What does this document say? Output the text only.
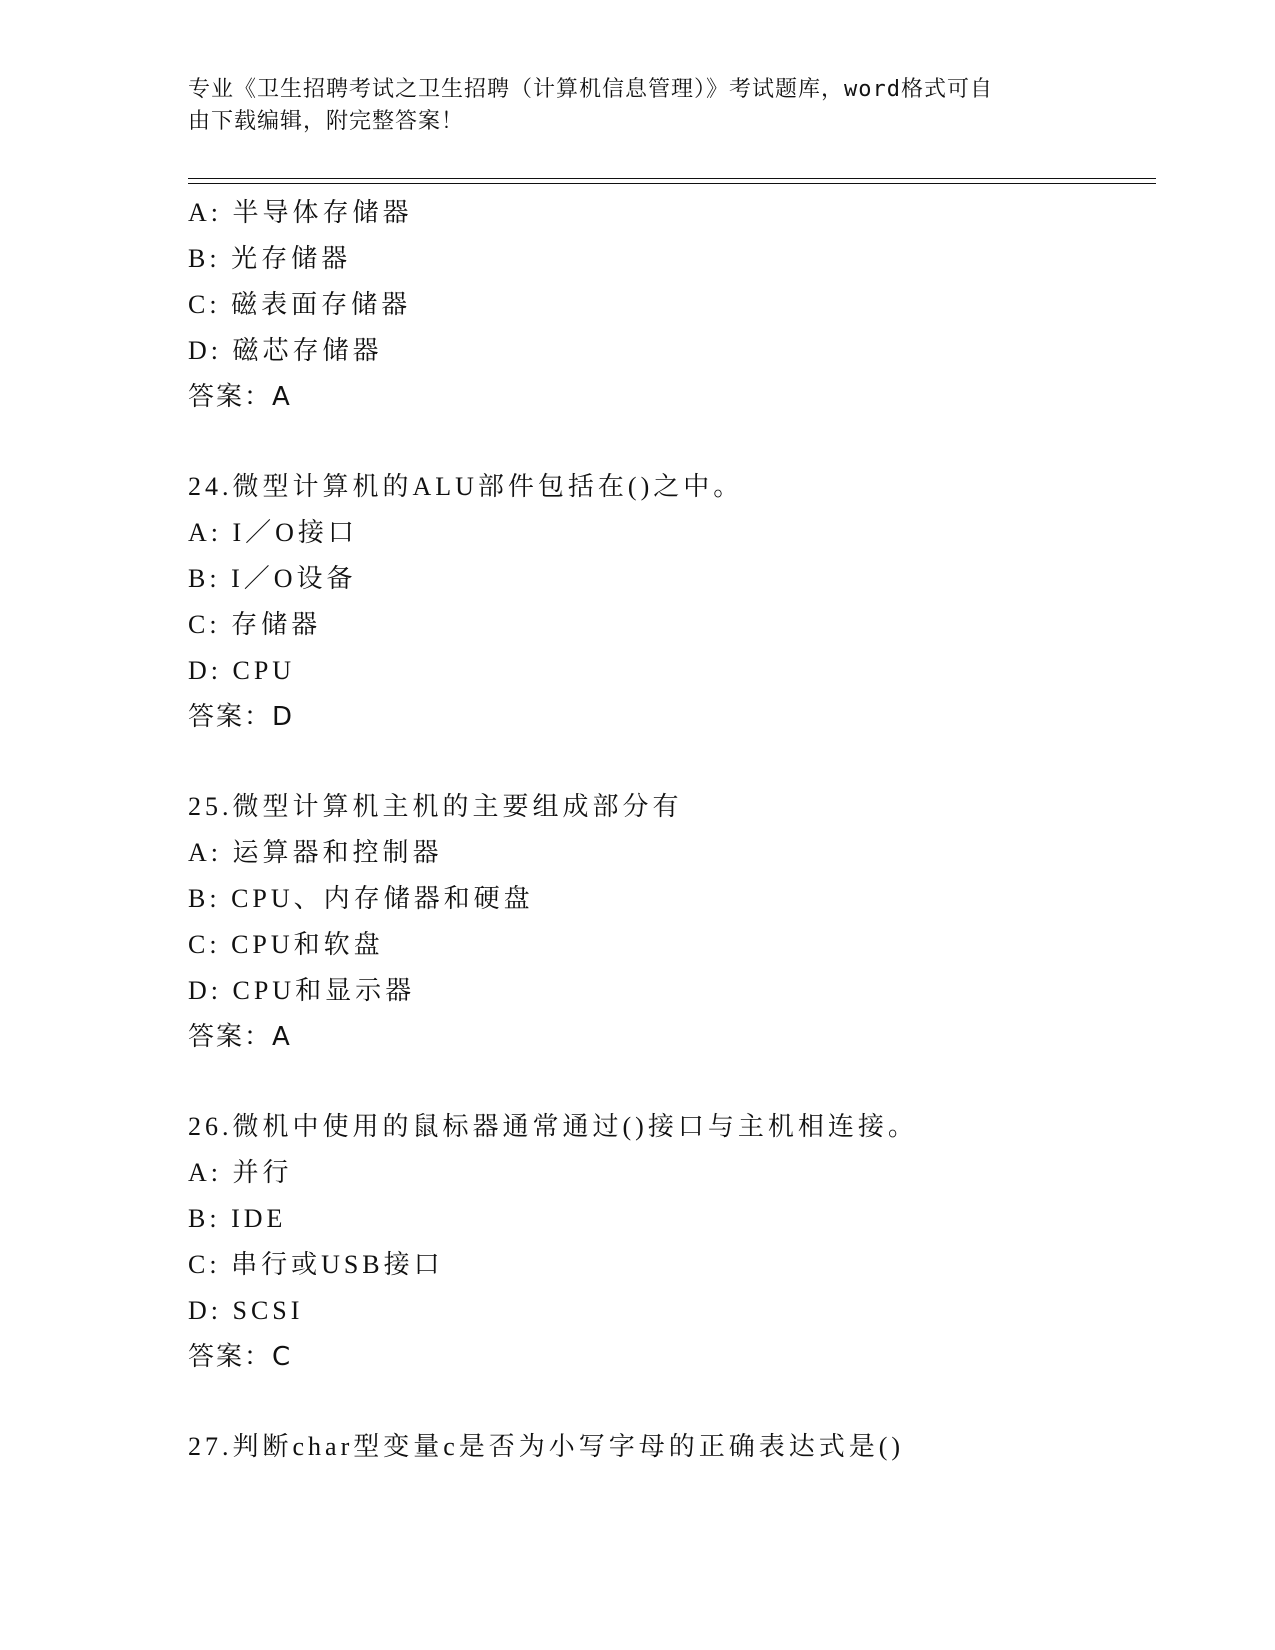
专业《卫生招聘考试之卫生招聘（计算机信息管理）》考试题库，word格式可自
由下载编辑，附完整答案！
A: 半导体存储器
B: 光存储器
C: 磁表面存储器
D: 磁芯存储器
答案：A
24.微型计算机的ALU部件包括在()之中。
A: I／O接口
B: I／O设备
C: 存储器
D: CPU
答案：D
25.微型计算机主机的主要组成部分有
A: 运算器和控制器
B: CPU、内存储器和硬盘
C: CPU和软盘
D: CPU和显示器
答案：A
26.微机中使用的鼠标器通常通过()接口与主机相连接。
A: 并行
B: IDE
C: 串行或USB接口
D: SCSI
答案：C
27.判断char型变量c是否为小写字母的正确表达式是()
